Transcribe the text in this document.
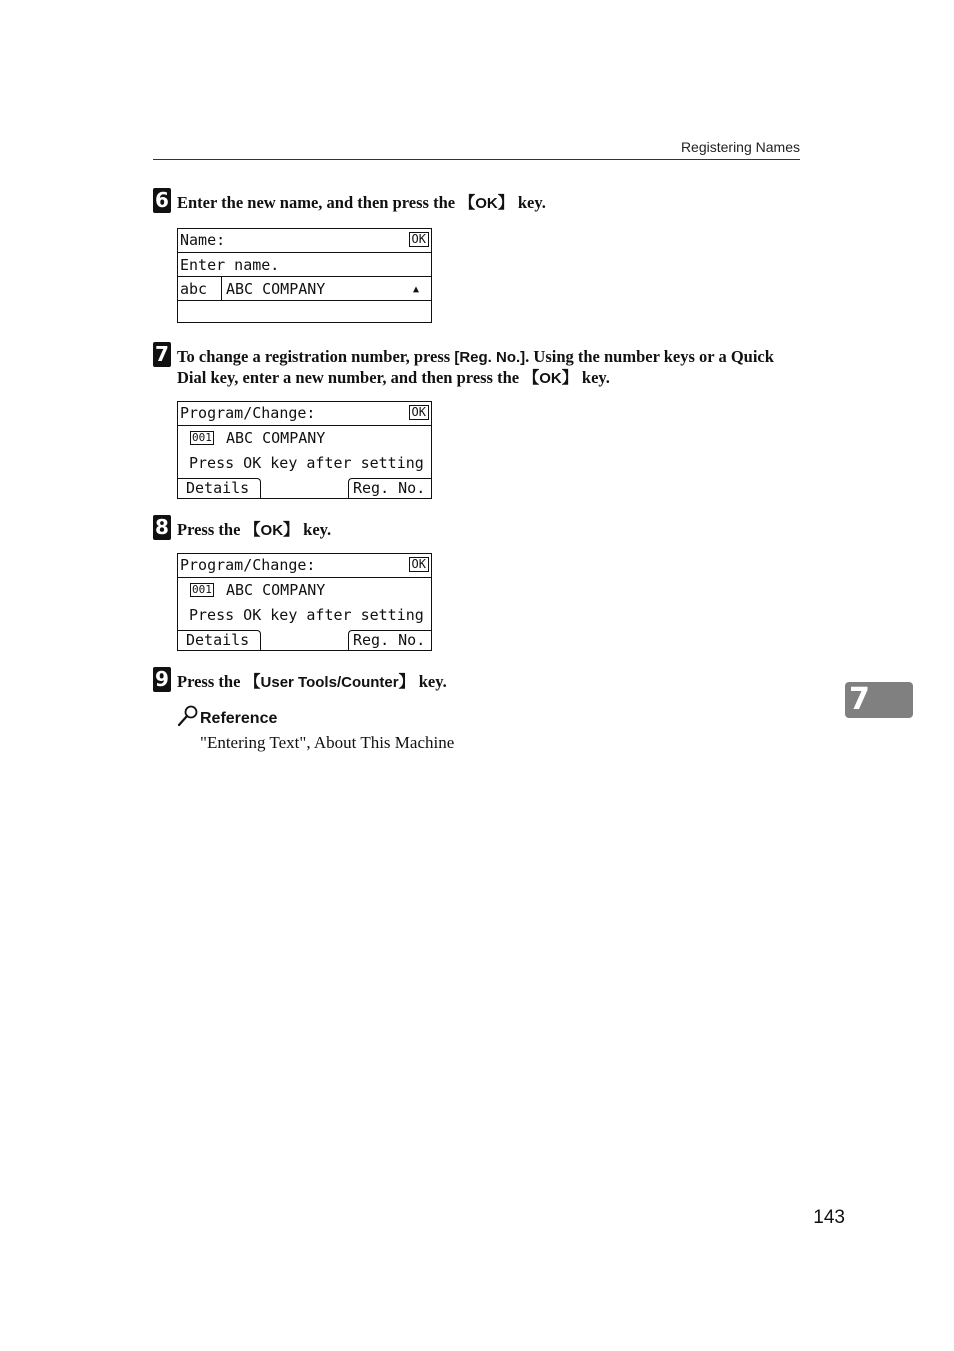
Registering Names
6 Enter the new name, and then press the 【OK】 key.
Name:	OK
Enter name.
abc ABC COMPANY	▲
7 To change a registration number, press [Reg. No.]. Using the number keys or a Quick Dial key, enter a new number, and then press the 【OK】 key.
Program/Change:	OK
001 ABC COMPANY
Press OK key after setting
Details	Reg. No.
8 Press the 【OK】 key.
Program/Change:	OK
001 ABC COMPANY
Press OK key after setting
Details	Reg. No.
9 Press the 【User Tools/Counter】 key.
Reference
"Entering Text", About This Machine
7
143
